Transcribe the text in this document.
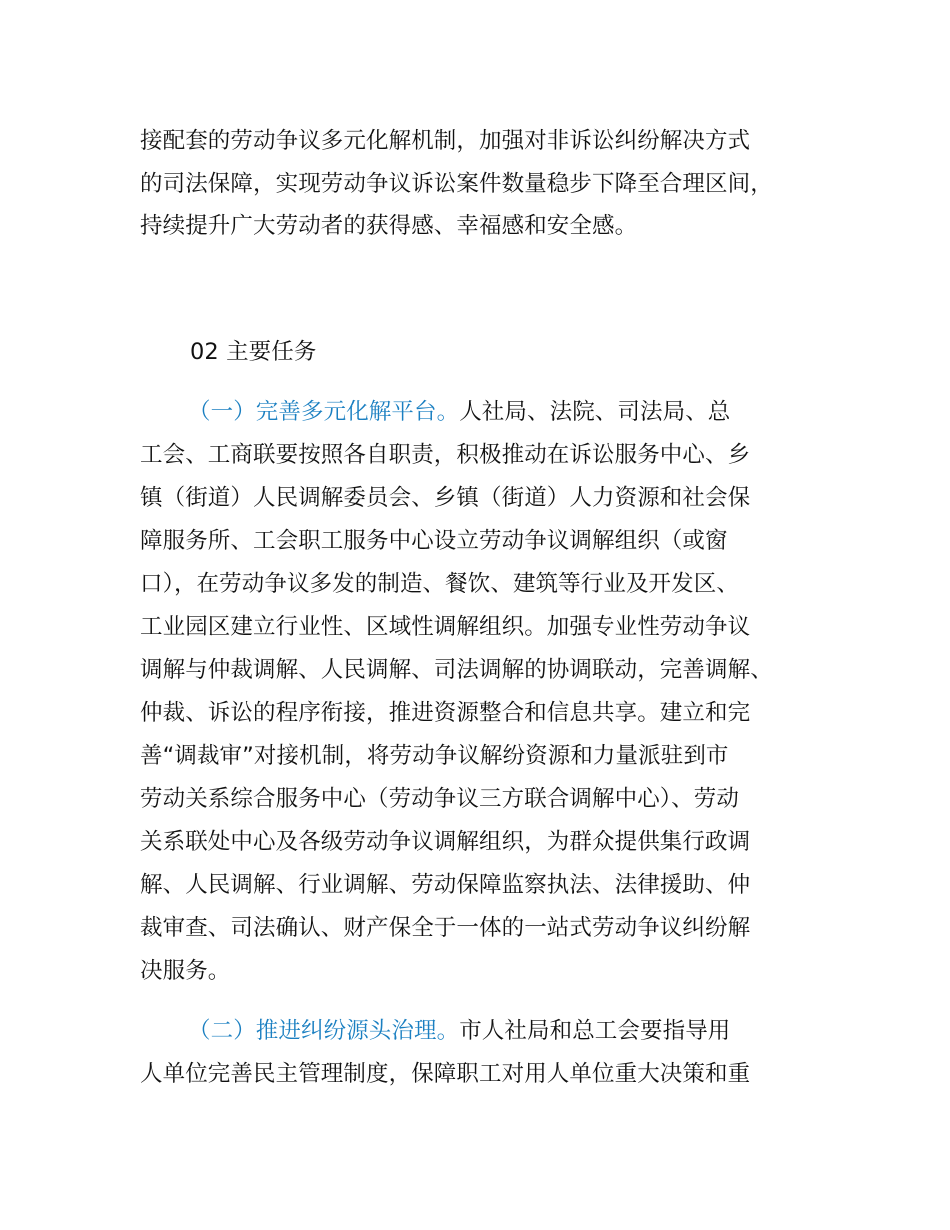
接配套的劳动争议多元化解机制，加强对非诉讼纠纷解决方式
的司法保障，实现劳动争议诉讼案件数量稳步下降至合理区间，
持续提升广大劳动者的获得感、幸福感和安全感。
02 主要任务
（一）完善多元化解平台。人社局、法院、司法局、总
工会、工商联要按照各自职责，积极推动在诉讼服务中心、乡
镇（街道）人民调解委员会、乡镇（街道）人力资源和社会保
障服务所、工会职工服务中心设立劳动争议调解组织（或窗
口），在劳动争议多发的制造、餐饮、建筑等行业及开发区、
工业园区建立行业性、区域性调解组织。加强专业性劳动争议
调解与仲裁调解、人民调解、司法调解的协调联动，完善调解、
仲裁、诉讼的程序衔接，推进资源整合和信息共享。建立和完
善“调裁审”对接机制，将劳动争议解纷资源和力量派驻到市
劳动关系综合服务中心（劳动争议三方联合调解中心）、劳动
关系联处中心及各级劳动争议调解组织，为群众提供集行政调
解、人民调解、行业调解、劳动保障监察执法、法律援助、仲
裁审查、司法确认、财产保全于一体的一站式劳动争议纠纷解
决服务。
（二）推进纠纷源头治理。市人社局和总工会要指导用
人单位完善民主管理制度，保障职工对用人单位重大决策和重
